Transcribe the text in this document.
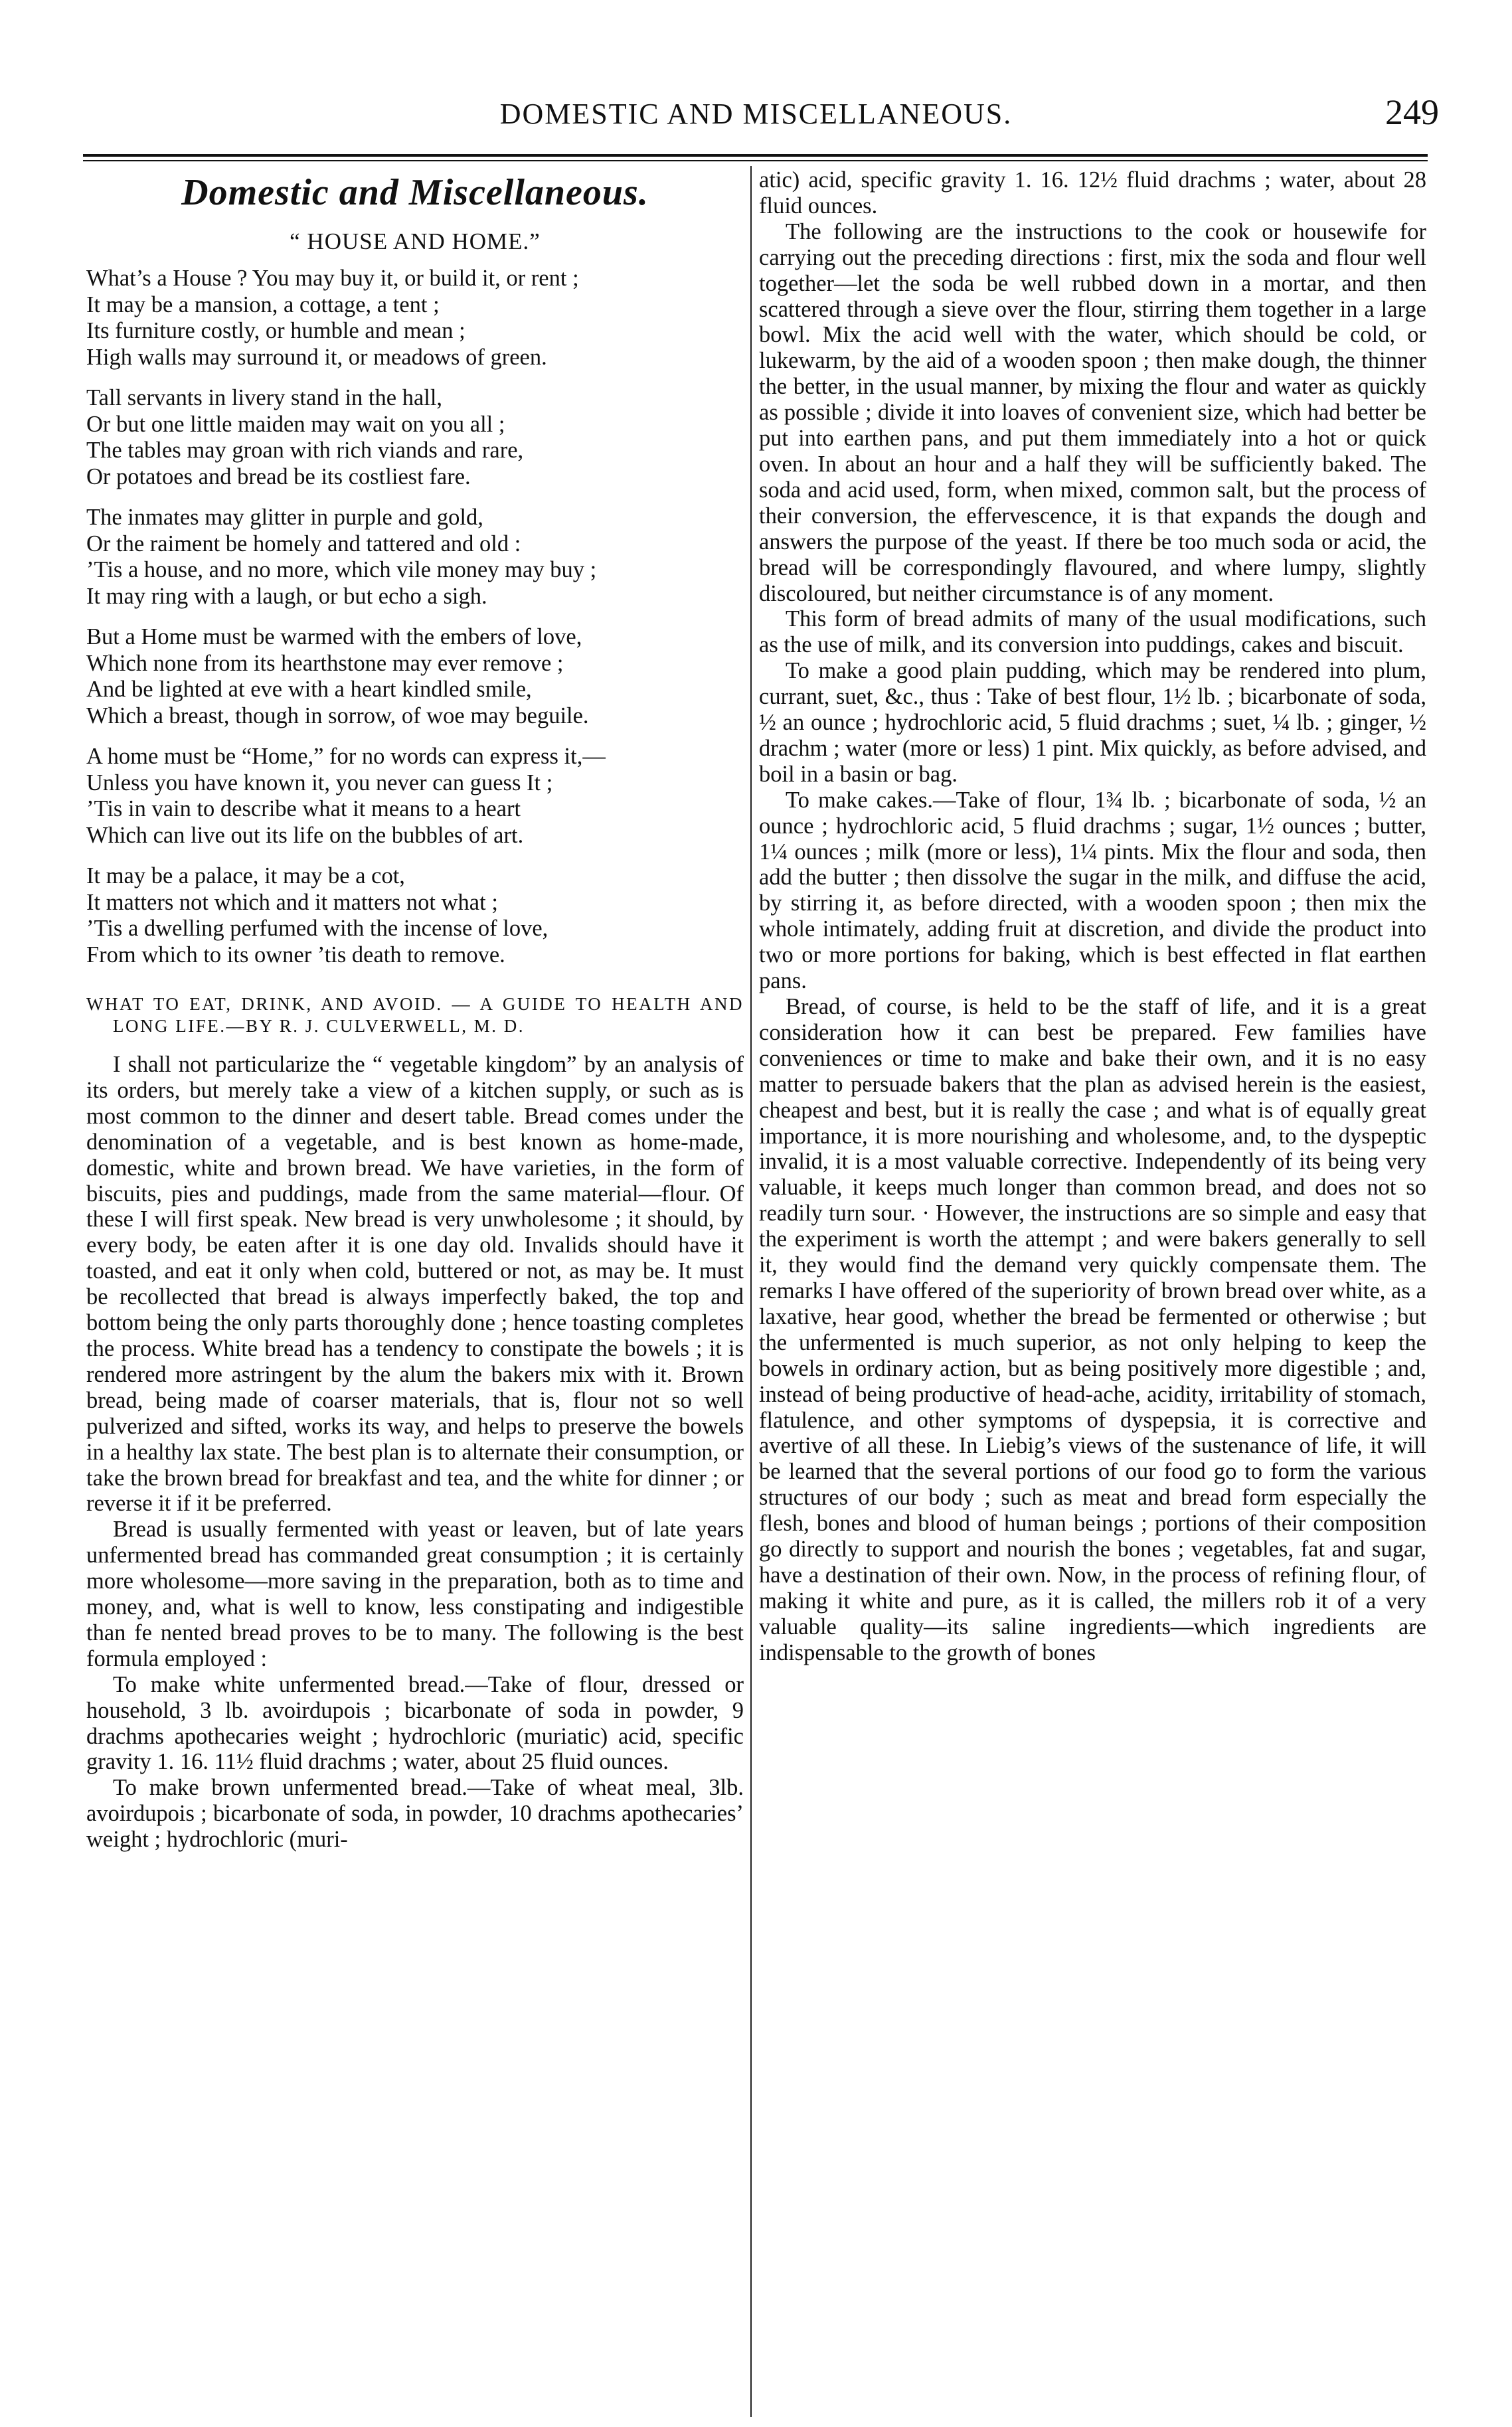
DOMESTIC AND MISCELLANEOUS.	249
Domestic and Miscellaneous.
“ HOUSE AND HOME.”
What’s a House ? You may buy it, or build it, or rent ;
It may be a mansion, a cottage, a tent ;
Its furniture costly, or humble and mean ;
High walls may surround it, or meadows of green.
Tall servants in livery stand in the hall,
Or but one little maiden may wait on you all ;
The tables may groan with rich viands and rare,
Or potatoes and bread be its costliest fare.
The inmates may glitter in purple and gold,
Or the raiment be homely and tattered and old :
’Tis a house, and no more, which vile money may buy ;
It may ring with a laugh, or but echo a sigh.
But a Home must be warmed with the embers of love,
Which none from its hearthstone may ever remove ;
And be lighted at eve with a heart kindled smile,
Which a breast, though in sorrow, of woe may beguile.
A home must be “Home,” for no words can express it,—
Unless you have known it, you never can guess It ;
’Tis in vain to describe what it means to a heart
Which can live out its life on the bubbles of art.
It may be a palace, it may be a cot,
It matters not which and it matters not what ;
’Tis a dwelling perfumed with the incense of love,
From which to its owner ’tis death to remove.
WHAT TO EAT, DRINK, AND AVOID. — A GUIDE TO HEALTH AND LONG LIFE.—BY R. J. CULVERWELL, M. D.

I shall not particularize the “ vegetable kingdom” by an analysis of its orders, but merely take a view of a kitchen supply, or such as is most common to the dinner and desert table. Bread comes under the denomination of a vegetable, and is best known as home-made, domestic, white and brown bread. We have varieties, in the form of biscuits, pies and puddings, made from the same material—flour. Of these I will first speak. New bread is very unwholesome ; it should, by every body, be eaten after it is one day old. Invalids should have it toasted, and eat it only when cold, buttered or not, as may be. It must be recollected that bread is always imperfectly baked, the top and bottom being the only parts thoroughly done ; hence toasting completes the process. White bread has a tendency to constipate the bowels ; it is rendered more astringent by the alum the bakers mix with it. Brown bread, being made of coarser materials, that is, flour not so well pulverized and sifted, works its way, and helps to preserve the bowels in a healthy lax state. The best plan is to alternate their consumption, or take the brown bread for breakfast and tea, and the white for dinner ; or reverse it if it be preferred.

Bread is usually fermented with yeast or leaven, but of late years unfermented bread has commanded great consumption ; it is certainly more wholesome—more saving in the preparation, both as to time and money, and, what is well to know, less constipating and indigestible than fe nented bread proves to be to many. The following is the best formula employed :

To make white unfermented bread.—Take of flour, dressed or household, 3 lb. avoirdupois ; bicarbonate of soda in powder, 9 drachms apothecaries weight ; hydrochloric (muriatic) acid, specific gravity 1. 16. 11½ fluid drachms ; water, about 25 fluid ounces.

To make brown unfermented bread.—Take of wheat meal, 3lb. avoirdupois ; bicarbonate of soda, in powder, 10 drachms apothecaries’ weight ; hydrochloric (muri-

atic) acid, specific gravity 1. 16. 12½ fluid drachms ; water, about 28 fluid ounces.

The following are the instructions to the cook or housewife for carrying out the preceding directions : first, mix the soda and flour well together—let the soda be well rubbed down in a mortar, and then scattered through a sieve over the flour, stirring them together in a large bowl. Mix the acid well with the water, which should be cold, or lukewarm, by the aid of a wooden spoon ; then make dough, the thinner the better, in the usual manner, by mixing the flour and water as quickly as possible ; divide it into loaves of convenient size, which had better be put into earthen pans, and put them immediately into a hot or quick oven. In about an hour and a half they will be sufficiently baked. The soda and acid used, form, when mixed, common salt, but the process of their conversion, the effervescence, it is that expands the dough and answers the purpose of the yeast. If there be too much soda or acid, the bread will be correspondingly flavoured, and where lumpy, slightly discoloured, but neither circumstance is of any moment.

This form of bread admits of many of the usual modifications, such as the use of milk, and its conversion into puddings, cakes and biscuit.

To make a good plain pudding, which may be rendered into plum, currant, suet, &c., thus : Take of best flour, 1½ lb. ; bicarbonate of soda, ½ an ounce ; hydrochloric acid, 5 fluid drachms ; suet, ¼ lb. ; ginger, ½ drachm ; water (more or less) 1 pint. Mix quickly, as before advised, and boil in a basin or bag.

To make cakes.—Take of flour, 1¾ lb. ; bicarbonate of soda, ½ an ounce ; hydrochloric acid, 5 fluid drachms ; sugar, 1½ ounces ; butter, 1¼ ounces ; milk (more or less), 1¼ pints. Mix the flour and soda, then add the butter ; then dissolve the sugar in the milk, and diffuse the acid, by stirring it, as before directed, with a wooden spoon ; then mix the whole intimately, adding fruit at discretion, and divide the product into two or more portions for baking, which is best effected in flat earthen pans.

Bread, of course, is held to be the staff of life, and it is a great consideration how it can best be prepared. Few families have conveniences or time to make and bake their own, and it is no easy matter to persuade bakers that the plan as advised herein is the easiest, cheapest and best, but it is really the case ; and what is of equally great importance, it is more nourishing and wholesome, and, to the dyspeptic invalid, it is a most valuable corrective. Independently of its being very valuable, it keeps much longer than common bread, and does not so readily turn sour. · However, the instructions are so simple and easy that the experiment is worth the attempt ; and were bakers generally to sell it, they would find the demand very quickly compensate them. The remarks I have offered of the superiority of brown bread over white, as a laxative, hear good, whether the bread be fermented or otherwise ; but the unfermented is much superior, as not only helping to keep the bowels in ordinary action, but as being positively more digestible ; and, instead of being productive of head-ache, acidity, irritability of stomach, flatulence, and other symptoms of dyspepsia, it is corrective and avertive of all these. In Liebig’s views of the sustenance of life, it will be learned that the several portions of our food go to form the various structures of our body ; such as meat and bread form especially the flesh, bones and blood of human beings ; portions of their composition go directly to support and nourish the bones ; vegetables, fat and sugar, have a destination of their own. Now, in the process of refining flour, of making it white and pure, as it is called, the millers rob it of a very valuable quality—its saline ingredients—which ingredients are indispensable to the growth of bones
